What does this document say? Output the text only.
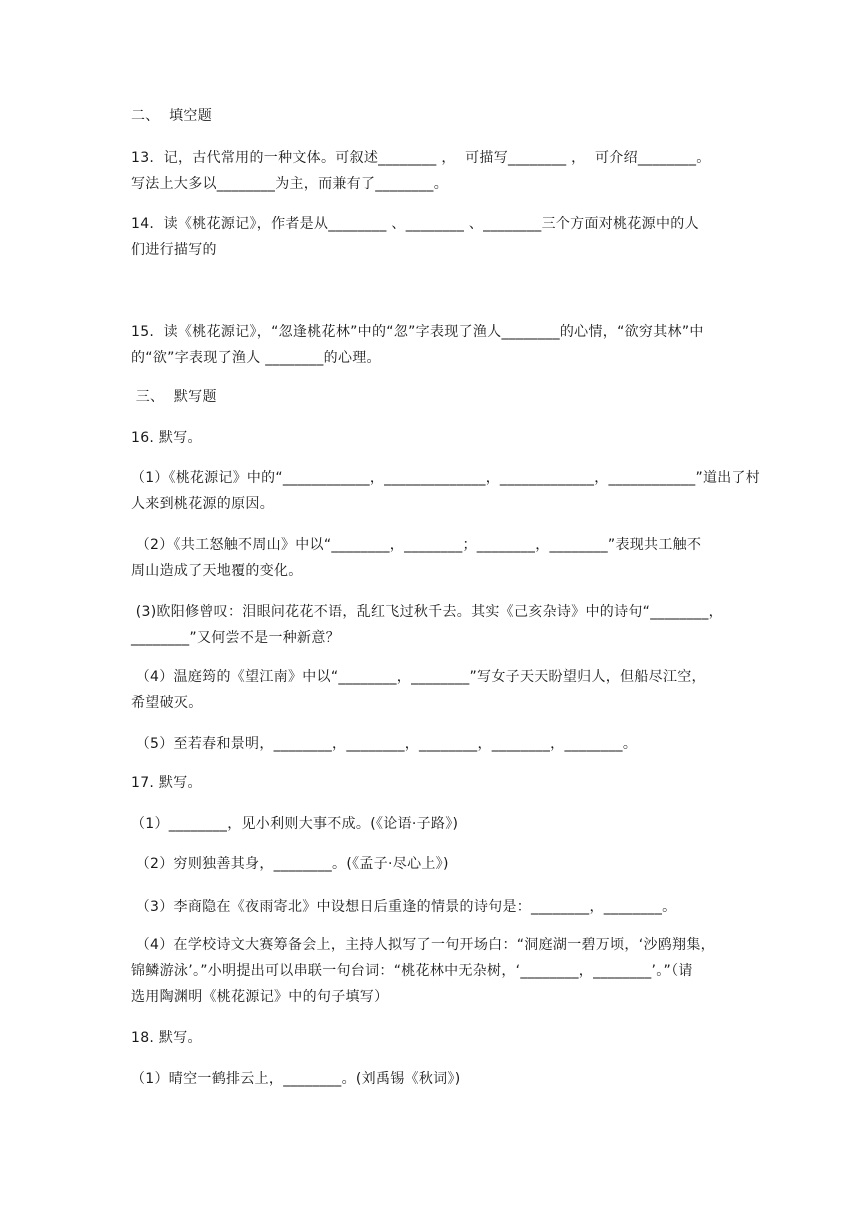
二、  填空题
13.  记，古代常用的一种文体。可叙述________ ，  可描写________ ，  可介绍________。
写法上大多以________为主，而兼有了________。
14.  读《桃花源记》，作者是从________ 、________ 、________三个方面对桃花源中的人
们进行描写的
15.  读《桃花源记》，“忽逢桃花林”中的“忽”字表现了渔人________的心情，“欲穷其林”中
的“欲”字表现了渔人 ________的心理。
三、  默写题
16. 默写。
（1）《桃花源记》中的“____________，______________，_____________，____________”道出了村
人来到桃花源的原因。
（2）《共工怒触不周山》中以“________，________；________，________”表现共工触不
周山造成了天地覆的变化。
(3)欧阳修曾叹：泪眼问花花不语，乱红飞过秋千去。其实《己亥杂诗》中的诗句“________，
________”又何尝不是一种新意？
（4）温庭筠的《望江南》中以“________，________”写女子天天盼望归人，但船尽江空，
希望破灭。
（5）至若春和景明，________，________，________，________，________。
17. 默写。
（1）________，见小利则大事不成。(《论语·子路》)
（2）穷则独善其身，________。(《孟子·尽心上》)
（3）李商隐在《夜雨寄北》中设想日后重逢的情景的诗句是：________，________。
（4）在学校诗文大赛筹备会上，主持人拟写了一句开场白：“洞庭湖一碧万顷，‘沙鸥翔集，
锦鳞游泳’。”小明提出可以串联一句台词：“桃花林中无杂树，‘________，________’。”（请
选用陶渊明《桃花源记》中的句子填写）
18. 默写。
（1）晴空一鹤排云上，________。(刘禹锡《秋词》)
